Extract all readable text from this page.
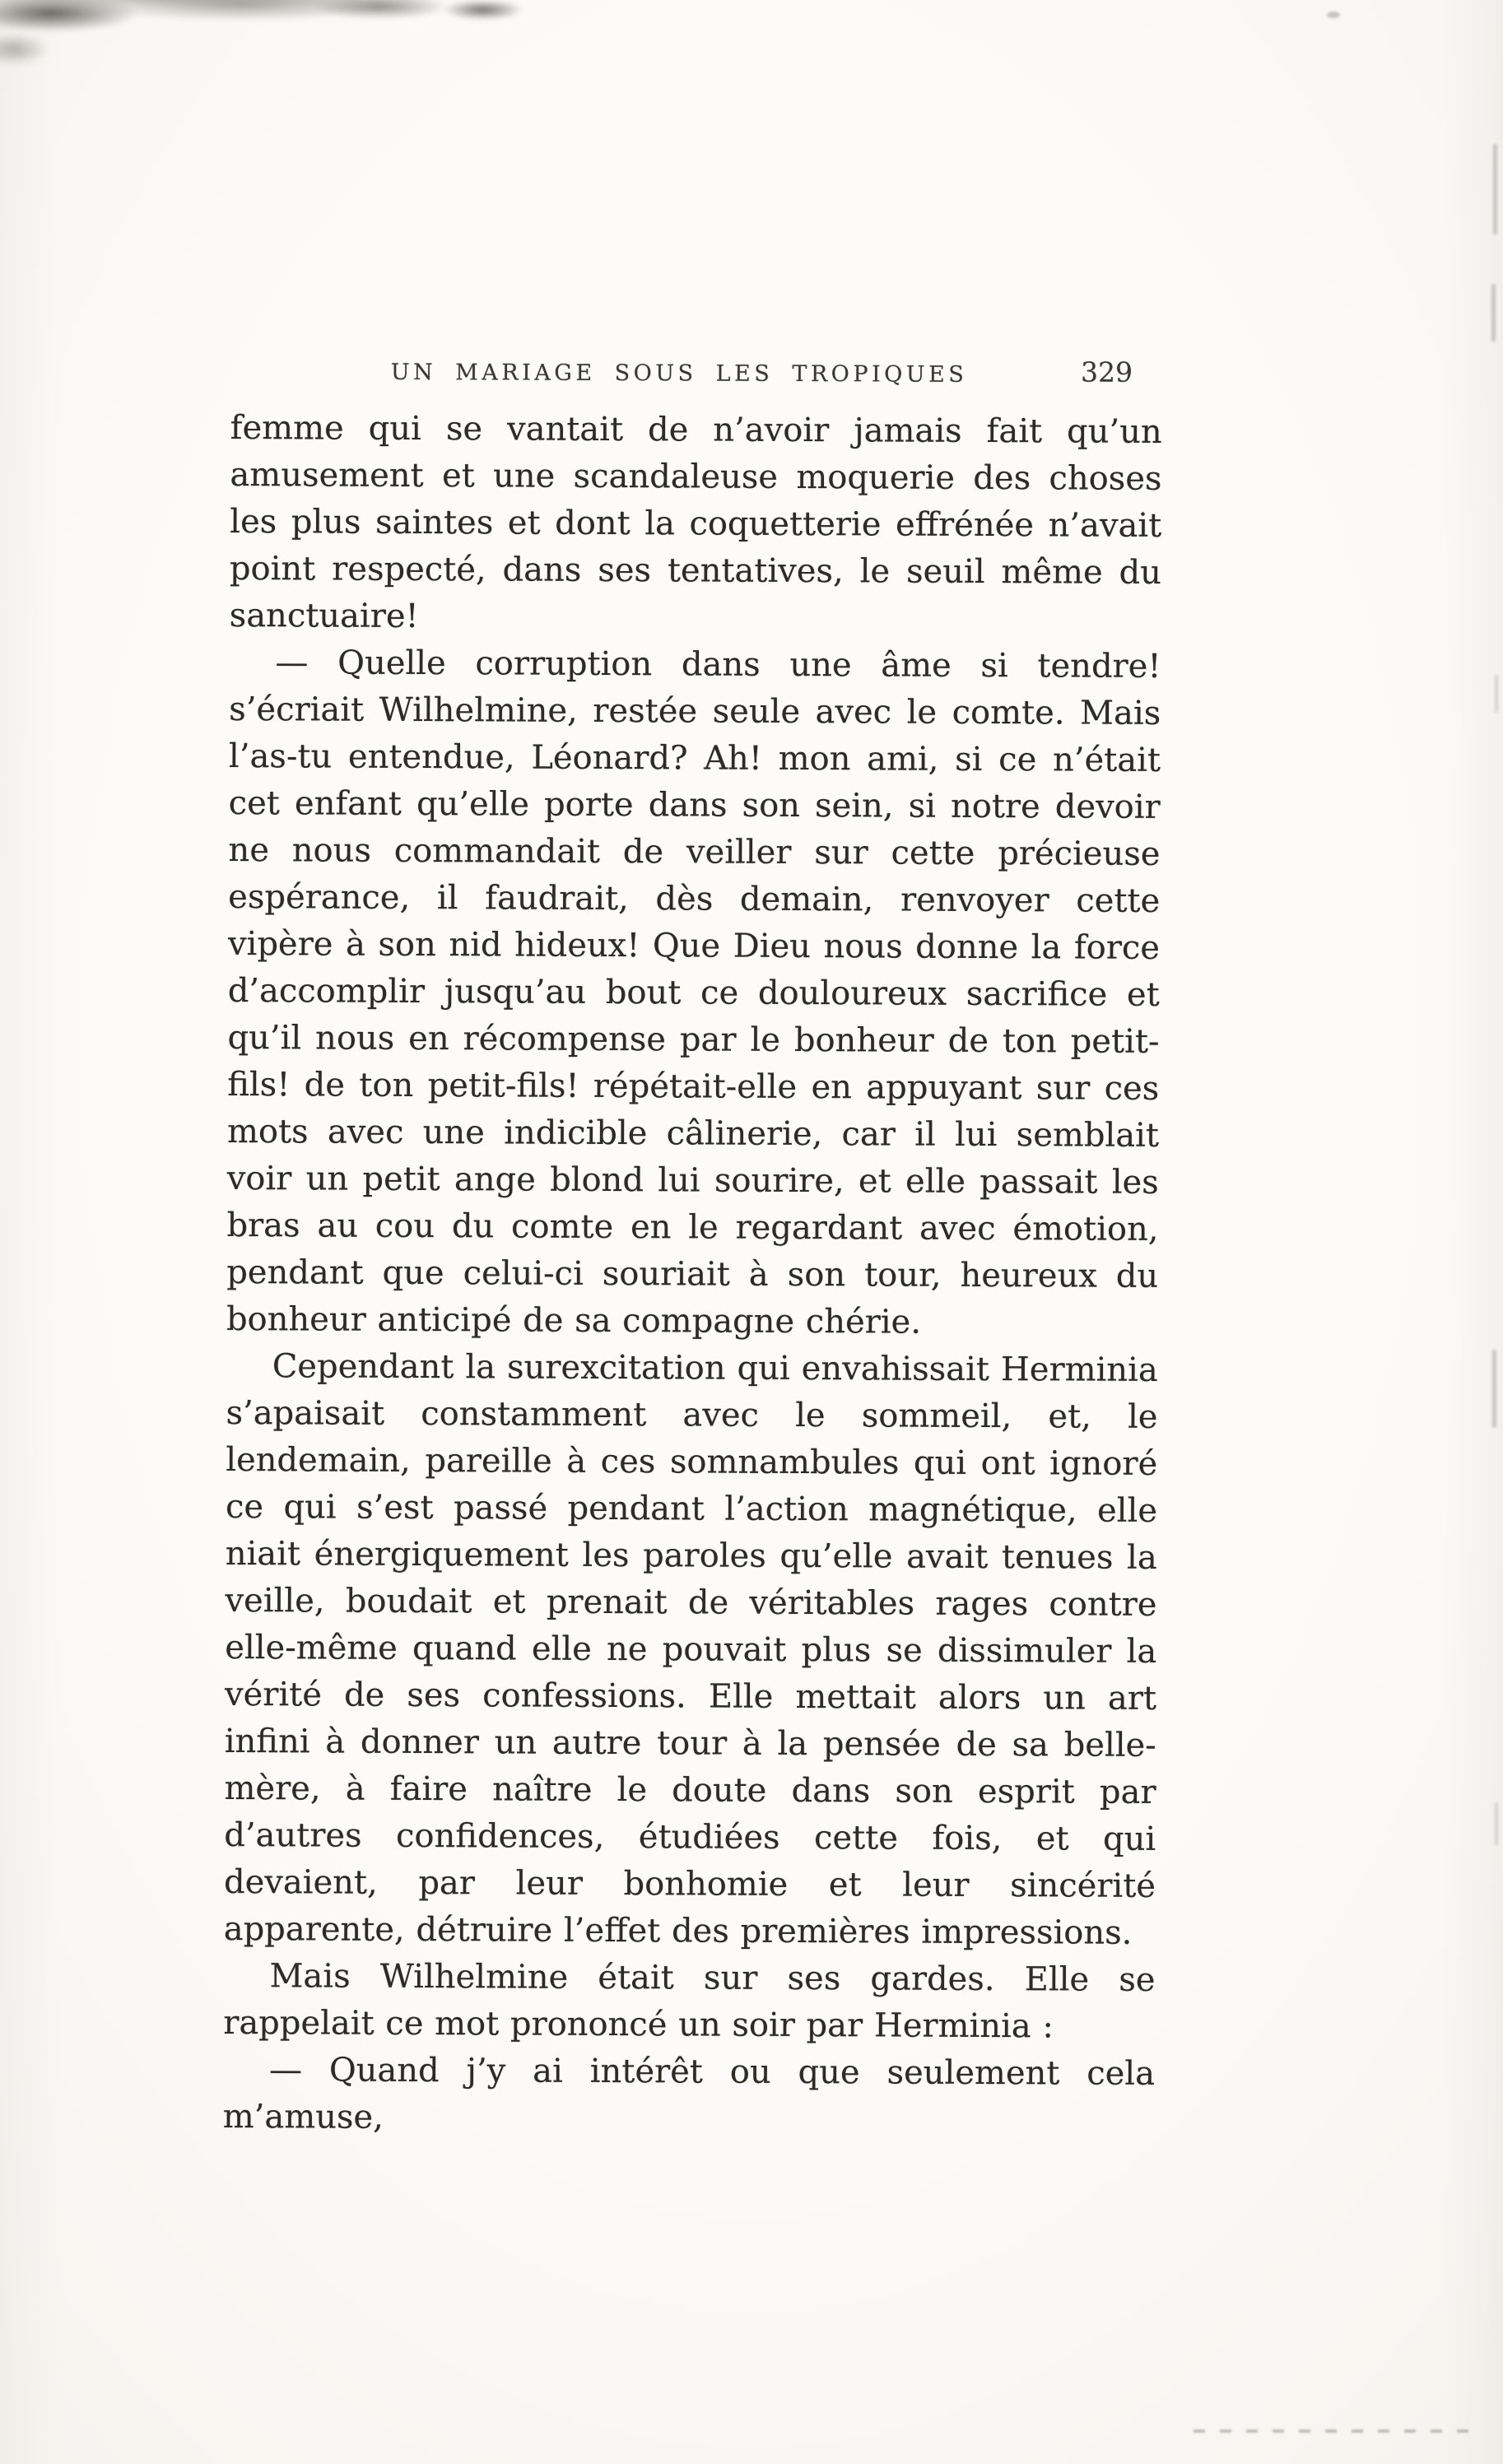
UN MARIAGE SOUS LES TROPIQUES	329

femme qui se vantait de n’avoir jamais fait qu’un amusement et une scandaleuse moquerie des choses les plus saintes et dont la coquetterie effrénée n’avait point respecté, dans ses tentatives, le seuil même du sanctuaire!

— Quelle corruption dans une âme si tendre! s’écriait Wilhelmine, restée seule avec le comte. Mais l’as-tu entendue, Léonard? Ah! mon ami, si ce n’était cet enfant qu’elle porte dans son sein, si notre devoir ne nous commandait de veiller sur cette précieuse espérance, il faudrait, dès demain, renvoyer cette vipère à son nid hideux! Que Dieu nous donne la force d’accomplir jusqu’au bout ce douloureux sacrifice et qu’il nous en récompense par le bonheur de ton petit-fils! de ton petit-fils! répétait-elle en appuyant sur ces mots avec une indicible câlinerie, car il lui semblait voir un petit ange blond lui sourire, et elle passait les bras au cou du comte en le regardant avec émotion, pendant que celui-ci souriait à son tour, heureux du bonheur anticipé de sa compagne chérie.

Cependant la surexcitation qui envahissait Herminia s’apaisait constamment avec le sommeil, et, le lendemain, pareille à ces somnambules qui ont ignoré ce qui s’est passé pendant l’action magnétique, elle niait énergiquement les paroles qu’elle avait tenues la veille, boudait et prenait de véritables rages contre elle-même quand elle ne pouvait plus se dissimuler la vérité de ses confessions. Elle mettait alors un art infini à donner un autre tour à la pensée de sa belle-mère, à faire naître le doute dans son esprit par d’autres confidences, étudiées cette fois, et qui devaient, par leur bonhomie et leur sincérité apparente, détruire l’effet des premières impressions.

Mais Wilhelmine était sur ses gardes. Elle se rappelait ce mot prononcé un soir par Herminia :

— Quand j’y ai intérêt ou que seulement cela m’amuse,
